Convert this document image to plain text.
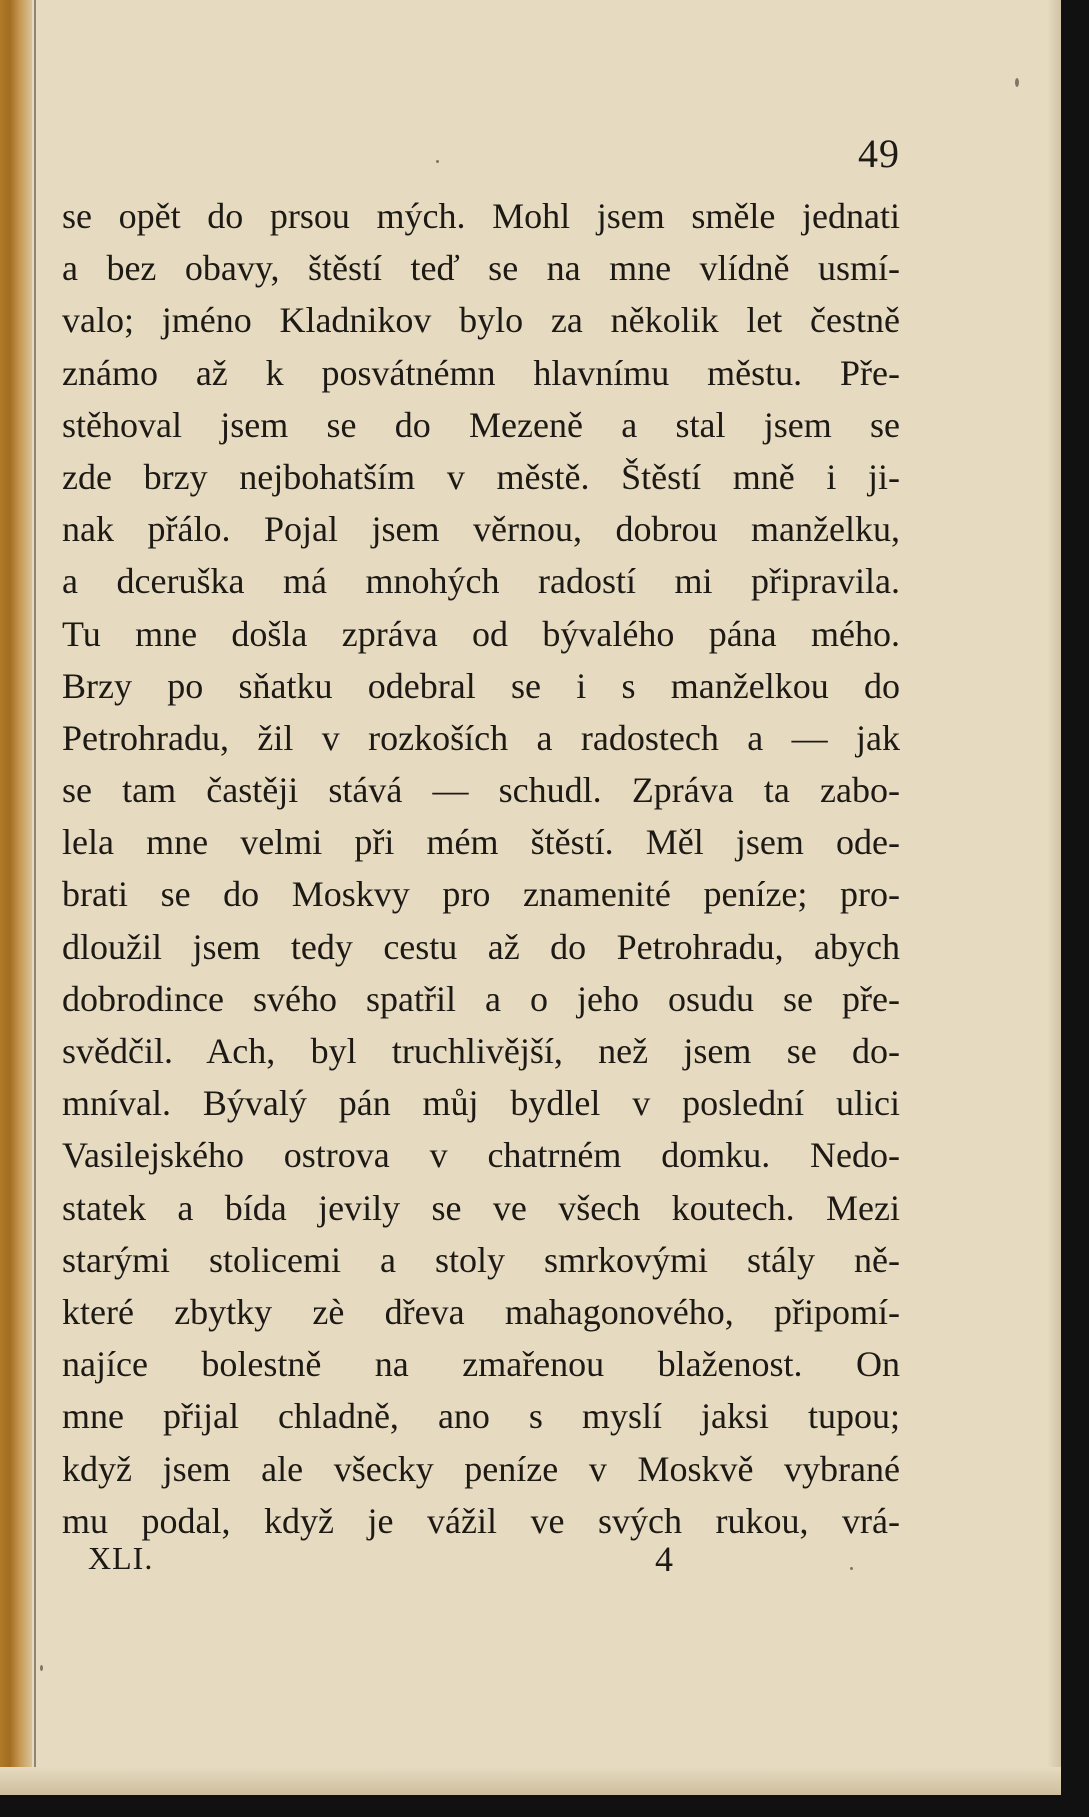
49
se opět do prsou mých. Mohl jsem směle jednati
a bez obavy, štěstí teď se na mne vlídně usmí-
valo; jméno Kladnikov bylo za několik let čestně
známo až k posvátnémn hlavnímu městu. Pře-
stěhoval jsem se do Mezeně a stal jsem se
zde brzy nejbohatším v městě. Štěstí mně i ji-
nak přálo. Pojal jsem věrnou, dobrou manželku,
a dceruška má mnohých radostí mi připravila.
Tu mne došla zpráva od bývalého pána mého.
Brzy po sňatku odebral se i s manželkou do
Petrohradu, žil v rozkoších a radostech a — jak
se tam častěji stává — schudl. Zpráva ta zabo-
lela mne velmi při mém štěstí. Měl jsem ode-
brati se do Moskvy pro znamenité peníze; pro-
dloužil jsem tedy cestu až do Petrohradu, abych
dobrodince svého spatřil a o jeho osudu se pře-
svědčil. Ach, byl truchlivější, než jsem se do-
mníval. Bývalý pán můj bydlel v poslední ulici
Vasilejského ostrova v chatrném domku. Nedo-
statek a bída jevily se ve všech koutech. Mezi
starými stolicemi a stoly smrkovými stály ně-
které zbytky zè dřeva mahagonového, připomí-
najíce bolestně na zmařenou blaženost. On
mne přijal chladně, ano s myslí jaksi tupou;
když jsem ale všecky peníze v Moskvě vybrané
mu podal, když je vážil ve svých rukou, vrá-
XLI.	4
